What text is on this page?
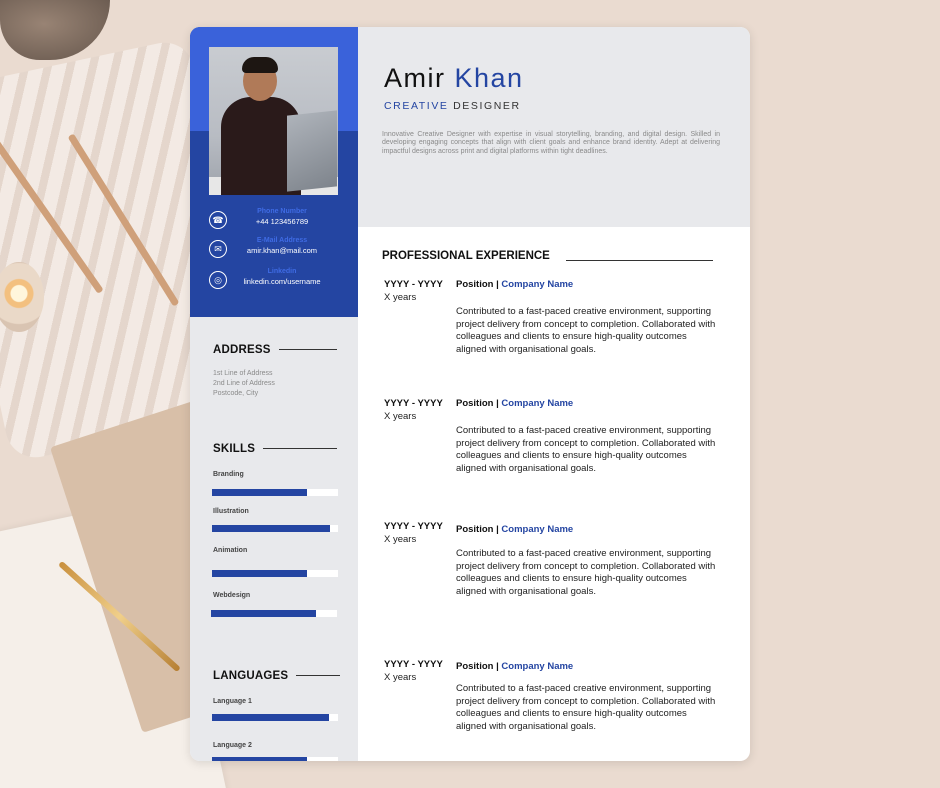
☎
Phone Number
+44 123456789
✉
E-Mail Address
amir.khan@mail.com
◎
Linkedin
linkedin.com/username
ADDRESS
1st Line of Address
2nd Line of Address
Postcode, City
SKILLS
Branding
Illustration
Animation
Webdesign
LANGUAGES
Language 1
Language 2
Amir Khan
CREATIVE DESIGNER
Innovative Creative Designer with expertise in visual storytelling, branding, and digital design. Skilled in developing engaging concepts that align with client goals and enhance brand identity. Adept at delivering impactful designs across print and digital platforms within tight deadlines.
PROFESSIONAL EXPERIENCE
YYYY - YYYY
X years
Position | Company Name
Contributed to a fast-paced creative environment, supporting project delivery from concept to completion. Collaborated with colleagues and clients to ensure high-quality outcomes aligned with organisational goals.
YYYY - YYYY
X years
Position | Company Name
Contributed to a fast-paced creative environment, supporting project delivery from concept to completion. Collaborated with colleagues and clients to ensure high-quality outcomes aligned with organisational goals.
YYYY - YYYY
X years
Position | Company Name
Contributed to a fast-paced creative environment, supporting project delivery from concept to completion. Collaborated with colleagues and clients to ensure high-quality outcomes aligned with organisational goals.
YYYY - YYYY
X years
Position | Company Name
Contributed to a fast-paced creative environment, supporting project delivery from concept to completion. Collaborated with colleagues and clients to ensure high-quality outcomes aligned with organisational goals.
